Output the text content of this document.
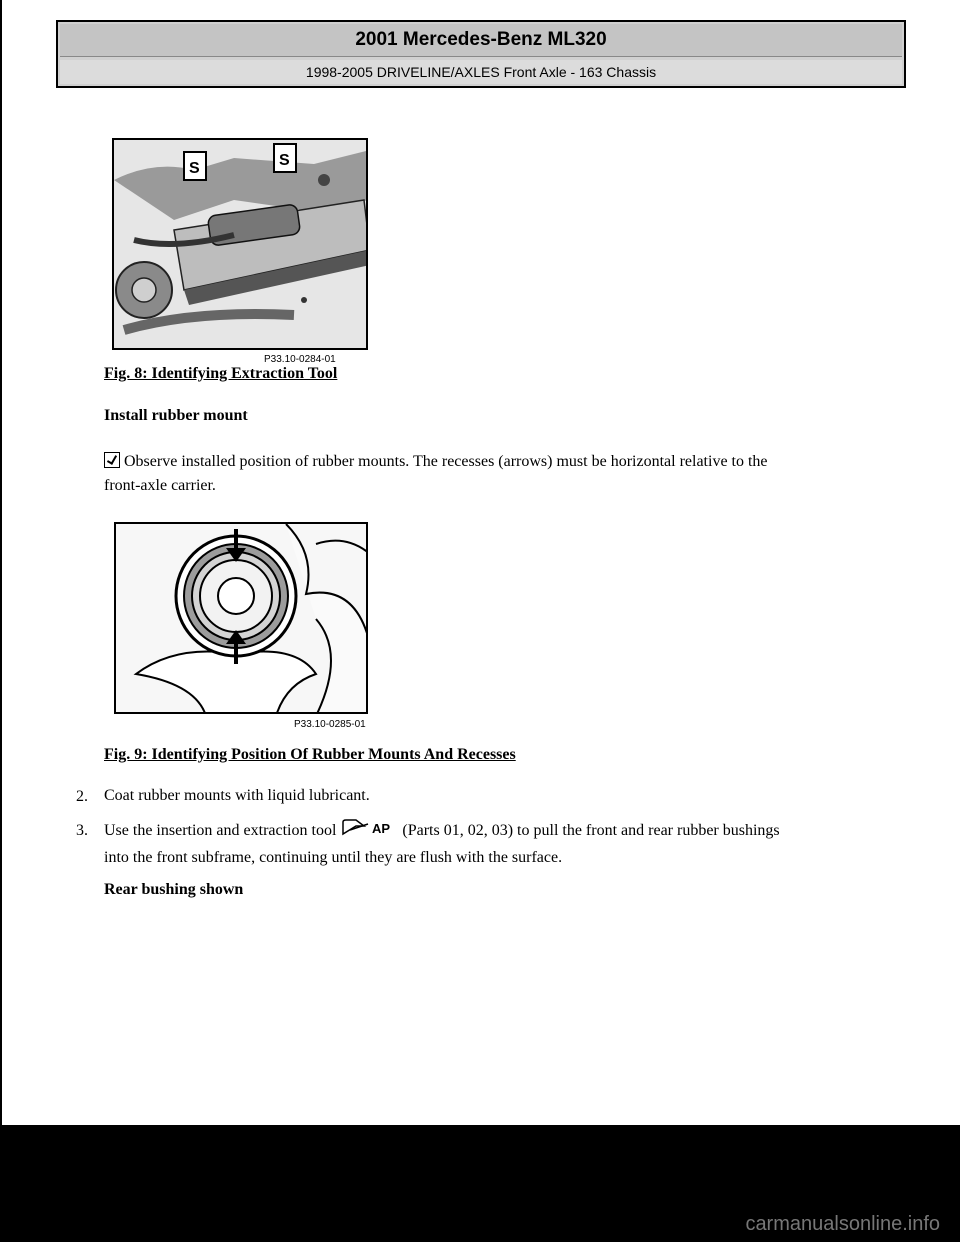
2001 Mercedes-Benz ML320
1998-2005 DRIVELINE/AXLES Front Axle - 163 Chassis
S	S
P33.10-0284-01
Fig. 8: Identifying Extraction Tool
Install rubber mount
Observe installed position of rubber mounts. The recesses (arrows) must be horizontal relative to the
front-axle carrier.
P33.10-0285-01
Fig. 9: Identifying Position Of Rubber Mounts And Recesses
2. Coat rubber mounts with liquid lubricant.
3. Use the insertion and extraction tool	AP (Parts 01, 02, 03) to pull the front and rear rubber bushings
into the front subframe, continuing until they are flush with the surface.
Rear bushing shown
carmanualsonline.info
